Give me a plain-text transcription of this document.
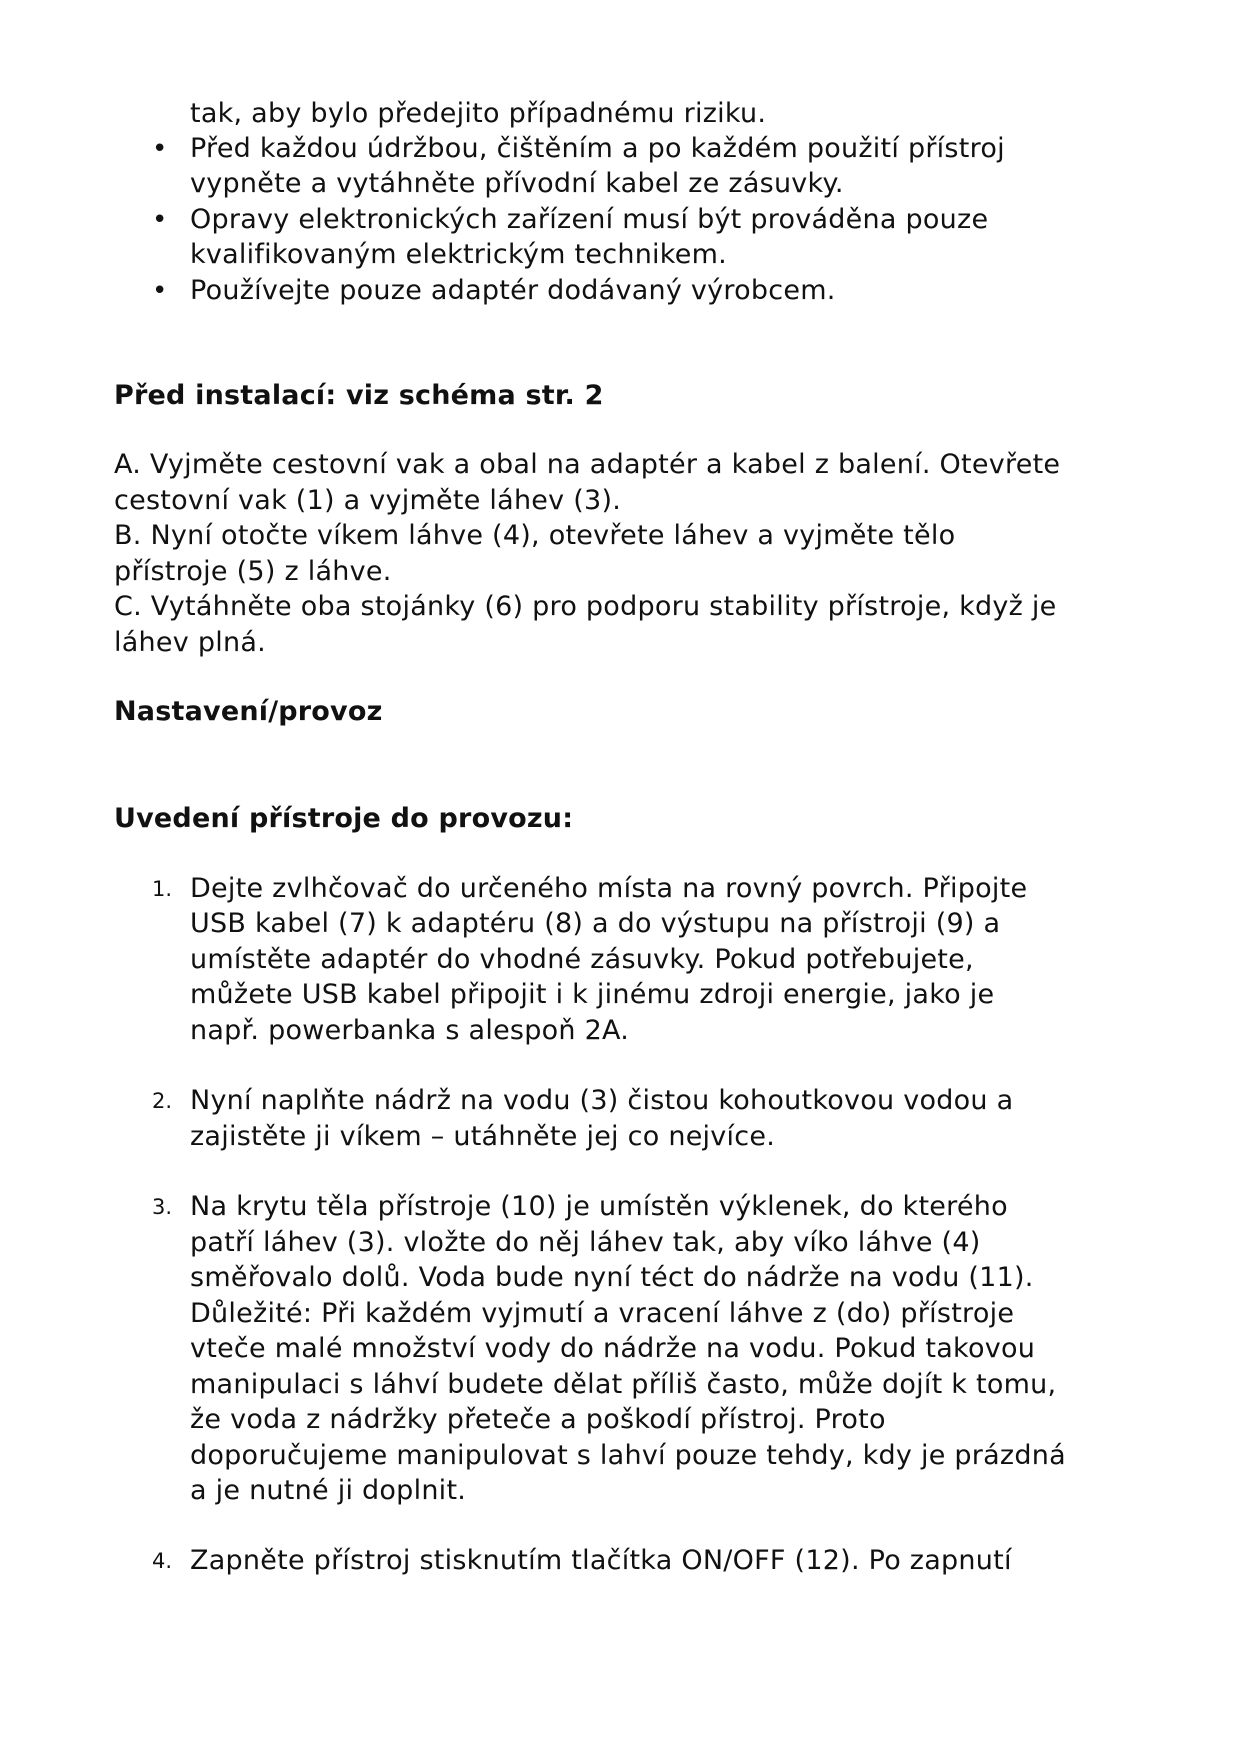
tak, aby bylo předejito případnému riziku.
• Před každou údržbou, čištěním a po každém použití přístroj
vypněte a vytáhněte přívodní kabel ze zásuvky.
• Opravy elektronických zařízení musí být prováděna pouze
kvalifikovaným elektrickým technikem.
• Používejte pouze adaptér dodávaný výrobcem.
Před instalací: viz schéma str. 2
A. Vyjměte cestovní vak a obal na adaptér a kabel z balení. Otevřete
cestovní vak (1) a vyjměte láhev (3).
B. Nyní otočte víkem láhve (4), otevřete láhev a vyjměte tělo
přístroje (5) z láhve.
C. Vytáhněte oba stojánky (6) pro podporu stability přístroje, když je
láhev plná.
Nastavení/provoz
Uvedení přístroje do provozu:
1. Dejte zvlhčovač do určeného místa na rovný povrch. Připojte
USB kabel (7) k adaptéru (8) a do výstupu na přístroji (9) a
umístěte adaptér do vhodné zásuvky. Pokud potřebujete,
můžete USB kabel připojit i k jinému zdroji energie, jako je
např. powerbanka s alespoň 2A.
2. Nyní naplňte nádrž na vodu (3) čistou kohoutkovou vodou a
zajistěte ji víkem – utáhněte jej co nejvíce.
3. Na krytu těla přístroje (10) je umístěn výklenek, do kterého
patří láhev (3). vložte do něj láhev tak, aby víko láhve (4)
směřovalo dolů. Voda bude nyní téct do nádrže na vodu (11).
Důležité: Při každém vyjmutí a vracení láhve z (do) přístroje
vteče malé množství vody do nádrže na vodu. Pokud takovou
manipulaci s láhví budete dělat příliš často, může dojít k tomu,
že voda z nádržky přeteče a poškodí přístroj. Proto
doporučujeme manipulovat s lahví pouze tehdy, kdy je prázdná
a je nutné ji doplnit.
4. Zapněte přístroj stisknutím tlačítka ON/OFF (12). Po zapnutí
